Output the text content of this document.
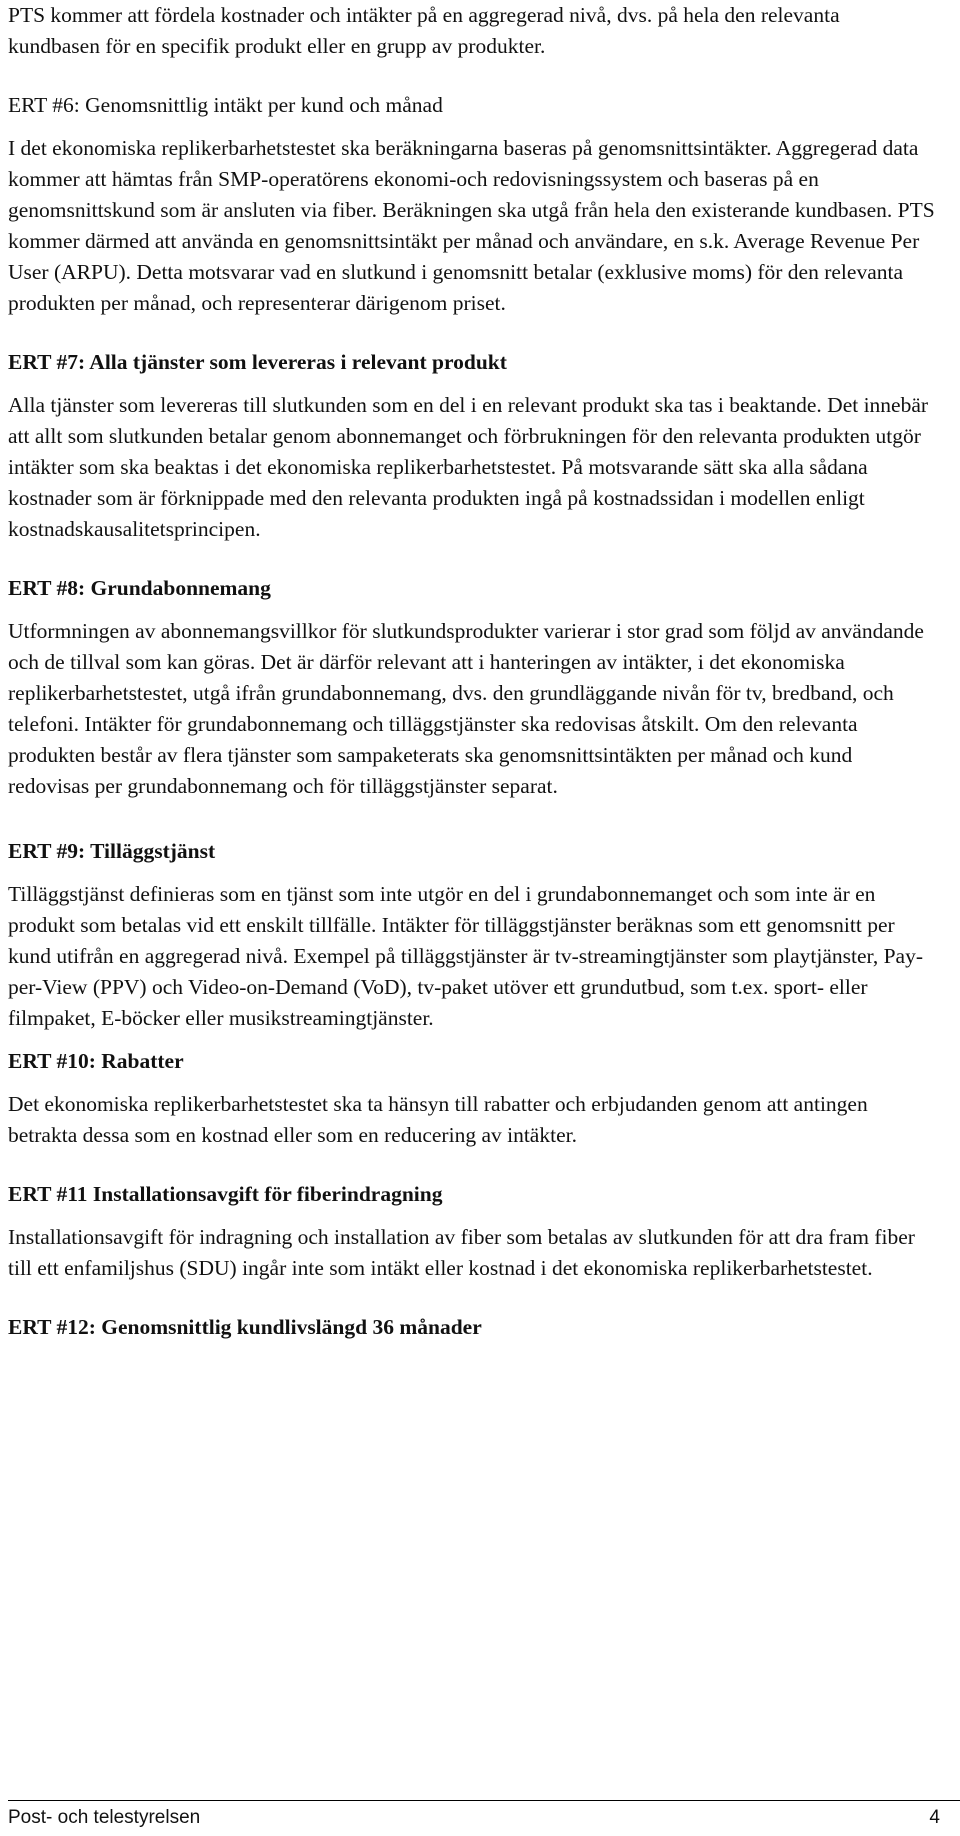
PTS kommer att fördela kostnader och intäkter på en aggregerad nivå, dvs. på hela den relevanta kundbasen för en specifik produkt eller en grupp av produkter.

ERT #6: Genomsnittlig intäkt per kund och månad

I det ekonomiska replikerbarhetstestet ska beräkningarna baseras på genomsnittsintäkter. Aggregerad data kommer att hämtas från SMP-operatörens ekonomi-och redovisningssystem och baseras på en genomsnittskund som är ansluten via fiber. Beräkningen ska utgå från hela den existerande kundbasen. PTS kommer därmed att använda en genomsnittsintäkt per månad och användare, en s.k. Average Revenue Per User (ARPU). Detta motsvarar vad en slutkund i genomsnitt betalar (exklusive moms) för den relevanta produkten per månad, och representerar därigenom priset.

ERT #7: Alla tjänster som levereras i relevant produkt

Alla tjänster som levereras till slutkunden som en del i en relevant produkt ska tas i beaktande. Det innebär att allt som slutkunden betalar genom abonnemanget och förbrukningen för den relevanta produkten utgör intäkter som ska beaktas i det ekonomiska replikerbarhetstestet. På motsvarande sätt ska alla sådana kostnader som är förknippade med den relevanta produkten ingå på kostnadssidan i modellen enligt kostnadskausalitetsprincipen.

ERT #8: Grundabonnemang

Utformningen av abonnemangsvillkor för slutkundsprodukter varierar i stor grad som följd av användande och de tillval som kan göras. Det är därför relevant att i hanteringen av intäkter, i det ekonomiska replikerbarhetstestet, utgå ifrån grundabonnemang, dvs. den grundläggande nivån för tv, bredband, och telefoni. Intäkter för grundabonnemang och tilläggstjänster ska redovisas åtskilt. Om den relevanta produkten består av flera tjänster som sampaketerats ska genomsnittsintäkten per månad och kund redovisas per grundabonnemang och för tilläggstjänster separat.

ERT #9: Tilläggstjänst

Tilläggstjänst definieras som en tjänst som inte utgör en del i grundabonnemanget och som inte är en produkt som betalas vid ett enskilt tillfälle. Intäkter för tilläggstjänster beräknas som ett genomsnitt per kund utifrån en aggregerad nivå. Exempel på tilläggstjänster är tv-streamingtjänster som playtjänster, Pay-per-View (PPV) och Video-on-Demand (VoD), tv-paket utöver ett grundutbud, som t.ex. sport- eller filmpaket, E-böcker eller musikstreamingtjänster.

ERT #10: Rabatter

Det ekonomiska replikerbarhetstestet ska ta hänsyn till rabatter och erbjudanden genom att antingen betrakta dessa som en kostnad eller som en reducering av intäkter.

ERT #11 Installationsavgift för fiberindragning

Installationsavgift för indragning och installation av fiber som betalas av slutkunden för att dra fram fiber till ett enfamiljshus (SDU) ingår inte som intäkt eller kostnad i det ekonomiska replikerbarhetstestet.

ERT #12: Genomsnittlig kundlivslängd 36 månader
Post- och telestyrelsen	4
